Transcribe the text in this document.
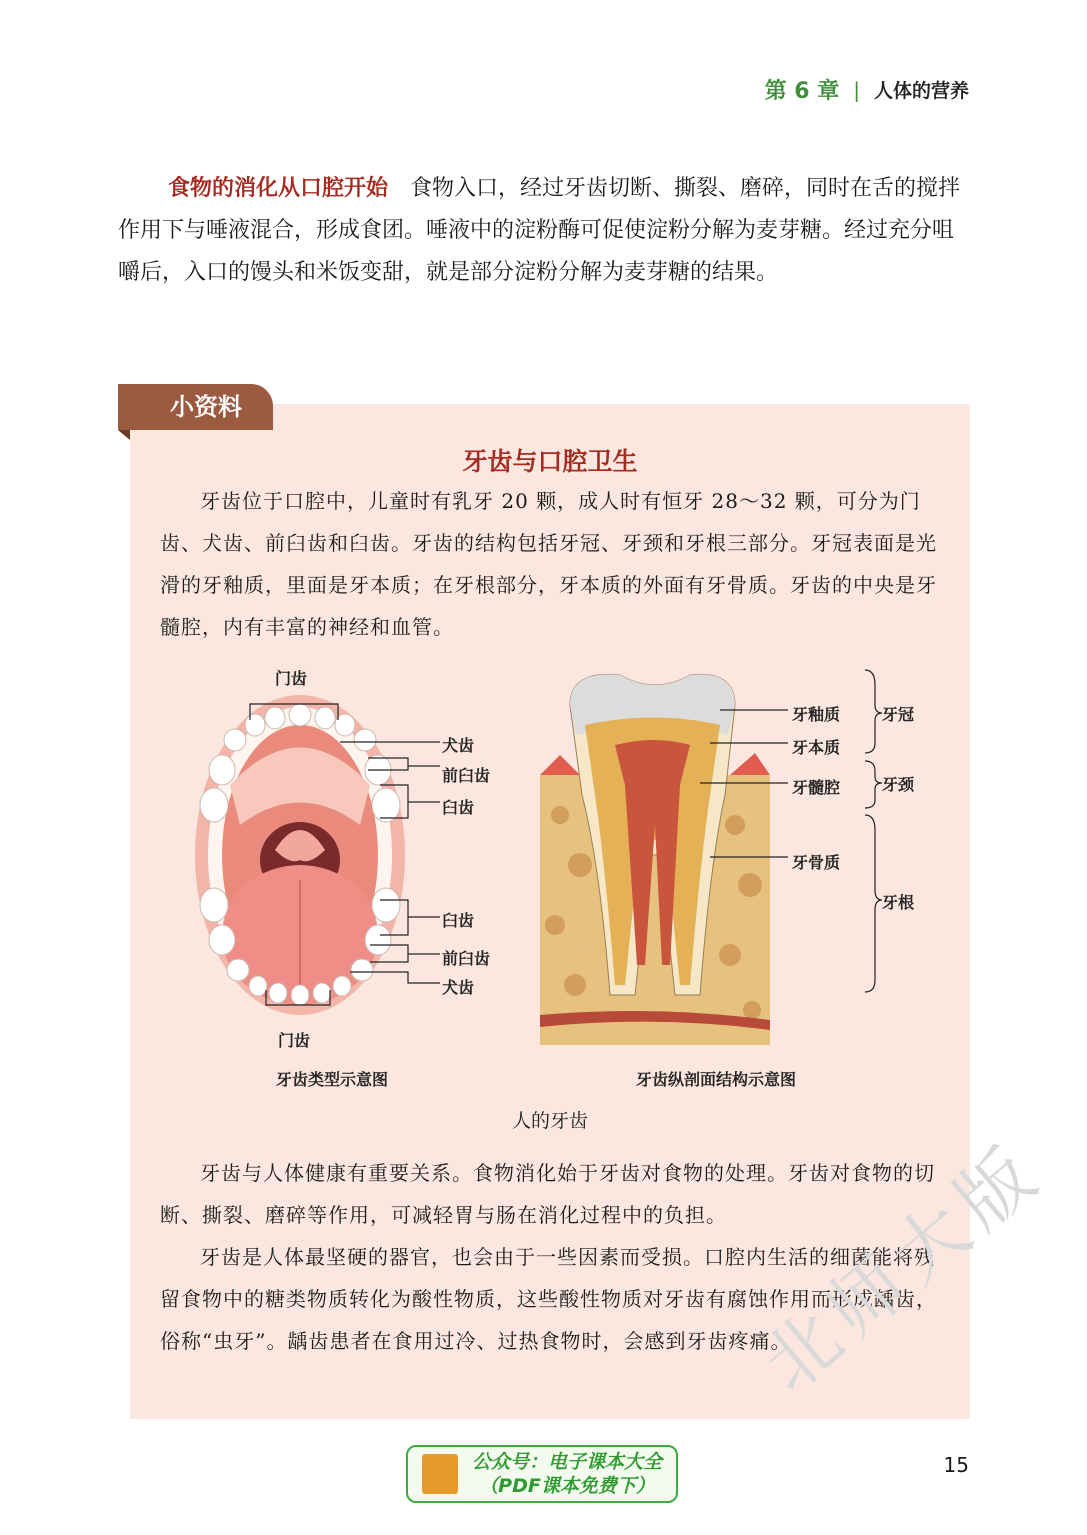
第 6 章 | 人体的营养
食物的消化从口腔开始 食物入口，经过牙齿切断、撕裂、磨碎，同时在舌的搅拌作用下与唾液混合，形成食团。唾液中的淀粉酶可促使淀粉分解为麦芽糖。经过充分咀嚼后，入口的馒头和米饭变甜，就是部分淀粉分解为麦芽糖的结果。
小资料
牙齿与口腔卫生
牙齿位于口腔中，儿童时有乳牙 20 颗，成人时有恒牙 28～32 颗，可分为门齿、犬齿、前臼齿和臼齿。牙齿的结构包括牙冠、牙颈和牙根三部分。牙冠表面是光滑的牙釉质，里面是牙本质；在牙根部分，牙本质的外面有牙骨质。牙齿的中央是牙髓腔，内有丰富的神经和血管。
门齿
犬齿
前臼齿
臼齿
臼齿
前臼齿
犬齿
门齿
牙齿类型示意图
牙釉质
牙本质
牙髓腔
牙骨质
牙冠
牙颈
牙根
牙齿纵剖面结构示意图
人的牙齿
牙齿与人体健康有重要关系。食物消化始于牙齿对食物的处理。牙齿对食物的切断、撕裂、磨碎等作用，可减轻胃与肠在消化过程中的负担。
牙齿是人体最坚硬的器官，也会由于一些因素而受损。口腔内生活的细菌能将残留食物中的糖类物质转化为酸性物质，这些酸性物质对牙齿有腐蚀作用而形成龋齿，俗称“虫牙”。龋齿患者在食用过冷、过热食物时，会感到牙齿疼痛。
北师大版
公众号：电子课本大全
（PDF课本免费下）
15
